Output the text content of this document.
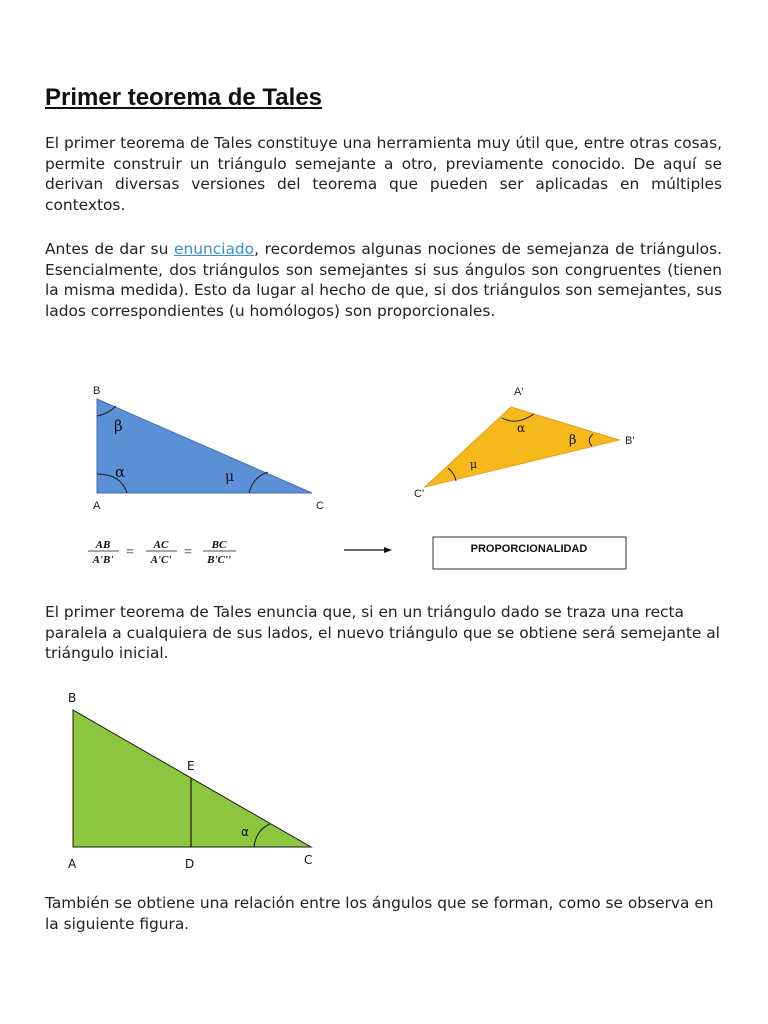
Primer teorema de Tales

El primer teorema de Tales constituye una herramienta muy útil que, entre otras cosas, permite construir un triángulo semejante a otro, previamente conocido. De aquí se derivan diversas versiones del teorema que pueden ser aplicadas en múltiples contextos.

Antes de dar su enunciado, recordemos algunas nociones de semejanza de triángulos. Esencialmente, dos triángulos son semejantes si sus ángulos son congruentes (tienen la misma medida). Esto da lugar al hecho de que, si dos triángulos son semejantes, sus lados correspondientes (u homólogos) son proporcionales.

B
A	C
β
α	μ
A'
B'
C'
α
β
μ
AB
A'B' = AC
A'C' = BC
B'C''
PROPORCIONALIDAD

El primer teorema de Tales enuncia que, si en un triángulo dado se traza una recta paralela a cualquiera de sus lados, el nuevo triángulo que se obtiene será semejante al triángulo inicial.

B
E
A	D	C
α

También se obtiene una relación entre los ángulos que se forman, como se observa en la siguiente figura.
